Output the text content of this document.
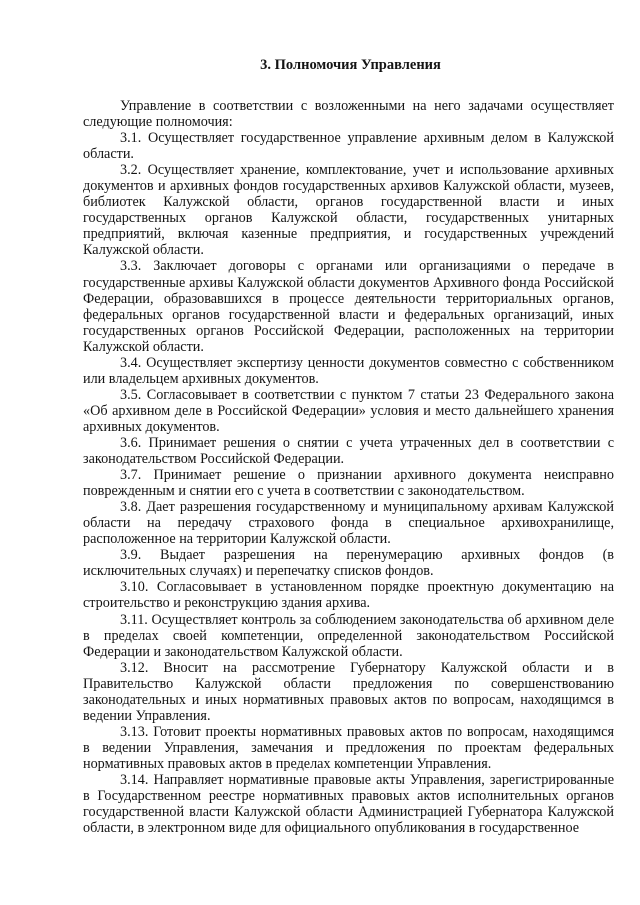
3. Полномочия Управления

Управление в соответствии с возложенными на него задачами осуществляет следующие полномочия:

3.1. Осуществляет государственное управление архивным делом в Калужской области.

3.2. Осуществляет хранение, комплектование, учет и использование архивных документов и архивных фондов государственных архивов Калужской области, музеев, библиотек Калужской области, органов государственной власти и иных государственных органов Калужской области, государственных унитарных предприятий, включая казенные предприятия, и государственных учреждений Калужской области.

3.3. Заключает договоры с органами или организациями о передаче в государственные архивы Калужской области документов Архивного фонда Российской Федерации, образовавшихся в процессе деятельности территориальных органов, федеральных органов государственной власти и федеральных организаций, иных государственных органов Российской Федерации, расположенных на территории Калужской области.

3.4. Осуществляет экспертизу ценности документов совместно с собственником или владельцем архивных документов.

3.5. Согласовывает в соответствии с пунктом 7 статьи 23 Федерального закона «Об архивном деле в Российской Федерации» условия и место дальнейшего хранения архивных документов.

3.6. Принимает решения о снятии с учета утраченных дел в соответствии с законодательством Российской Федерации.

3.7. Принимает решение о признании архивного документа неисправно поврежденным и снятии его с учета в соответствии с законодательством.

3.8. Дает разрешения государственному и муниципальному архивам Калужской области на передачу страхового фонда в специальное архивохранилище, расположенное на территории Калужской области.

3.9. Выдает разрешения на перенумерацию архивных фондов (в исключительных случаях) и перепечатку списков фондов.

3.10. Согласовывает в установленном порядке проектную документацию на строительство и реконструкцию здания архива.

3.11. Осуществляет контроль за соблюдением законодательства об архивном деле в пределах своей компетенции, определенной законодательством Российской Федерации и законодательством Калужской области.

3.12. Вносит на рассмотрение Губернатору Калужской области и в Правительство Калужской области предложения по совершенствованию законодательных и иных нормативных правовых актов по вопросам, находящимся в ведении Управления.

3.13. Готовит проекты нормативных правовых актов по вопросам, находящимся в ведении Управления, замечания и предложения по проектам федеральных нормативных правовых актов в пределах компетенции Управления.

3.14. Направляет нормативные правовые акты Управления, зарегистрированные в Государственном реестре нормативных правовых актов исполнительных органов государственной власти Калужской области Администрацией Губернатора Калужской области, в электронном виде для официального опубликования в государственное
